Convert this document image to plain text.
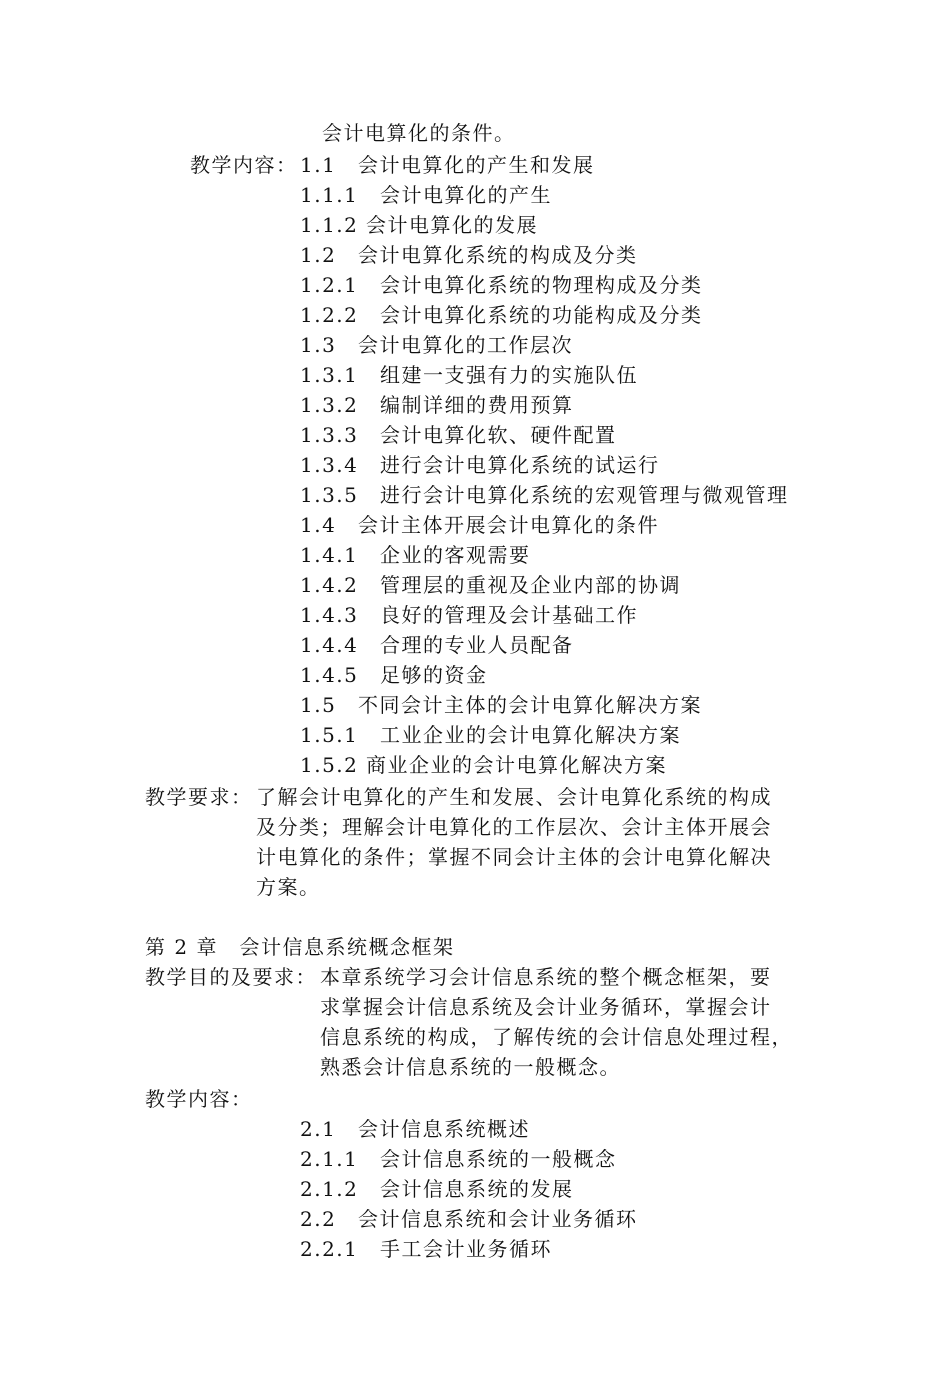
会计电算化的条件。
教学内容： 1.1 会计电算化的产生和发展
1.1.1 会计电算化的产生
1.1.2 会计电算化的发展
1.2 会计电算化系统的构成及分类
1.2.1 会计电算化系统的物理构成及分类
1.2.2 会计电算化系统的功能构成及分类
1.3 会计电算化的工作层次
1.3.1 组建一支强有力的实施队伍
1.3.2 编制详细的费用预算
1.3.3 会计电算化软、硬件配置
1.3.4 进行会计电算化系统的试运行
1.3.5 进行会计电算化系统的宏观管理与微观管理
1.4 会计主体开展会计电算化的条件
1.4.1 企业的客观需要
1.4.2 管理层的重视及企业内部的协调
1.4.3 良好的管理及会计基础工作
1.4.4 合理的专业人员配备
1.4.5 足够的资金
1.5 不同会计主体的会计电算化解决方案
1.5.1 工业企业的会计电算化解决方案
1.5.2 商业企业的会计电算化解决方案
教学要求： 了解会计电算化的产生和发展、会计电算化系统的构成
及分类；理解会计电算化的工作层次、会计主体开展会
计电算化的条件；掌握不同会计主体的会计电算化解决
方案。
第 2 章　会计信息系统概念框架
教学目的及要求： 本章系统学习会计信息系统的整个概念框架，要
求掌握会计信息系统及会计业务循环，掌握会计
信息系统的构成，了解传统的会计信息处理过程，
熟悉会计信息系统的一般概念。
教学内容：
2.1 会计信息系统概述
2.1.1 会计信息系统的一般概念
2.1.2 会计信息系统的发展
2.2 会计信息系统和会计业务循环
2.2.1 手工会计业务循环
